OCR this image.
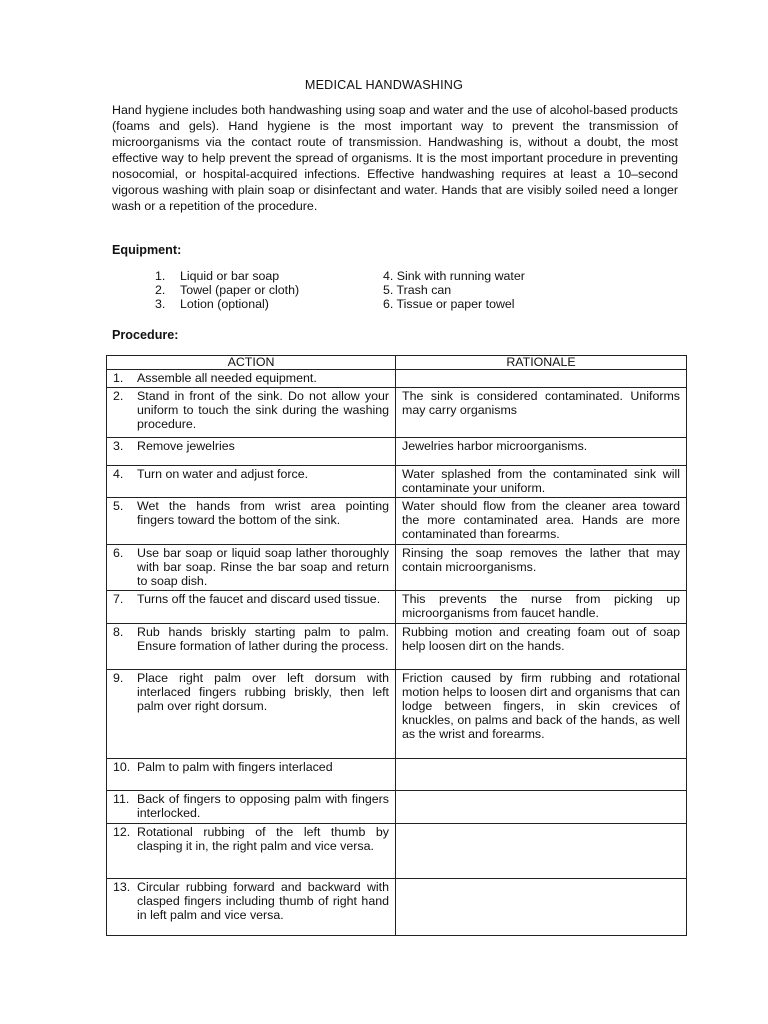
MEDICAL HANDWASHING

Hand hygiene includes both handwashing using soap and water and the use of alcohol-based products (foams and gels). Hand hygiene is the most important way to prevent the transmission of microorganisms via the contact route of transmission. Handwashing is, without a doubt, the most effective way to help prevent the spread of organisms. It is the most important procedure in preventing nosocomial, or hospital-acquired infections. Effective handwashing requires at least a 10–second vigorous washing with plain soap or disinfectant and water. Hands that are visibly soiled need a longer wash or a repetition of the procedure.

Equipment:
1. Liquid or bar soap	4. Sink with running water
2. Towel (paper or cloth)	5. Trash can
3. Lotion (optional)	6. Tissue or paper towel
Procedure:
ACTION	RATIONALE

1. Assemble all needed equipment.	

2. Stand in front of the sink. Do not allow your uniform to touch the sink during the washing procedure.	The sink is considered contaminated. Uniforms may carry organisms

3. Remove jewelries	Jewelries harbor microorganisms.

4. Turn on water and adjust force.	Water splashed from the contaminated sink will contaminate your uniform.

5. Wet the hands from wrist area pointing fingers toward the bottom of the sink.	Water should flow from the cleaner area toward the more contaminated area. Hands are more contaminated than forearms.

6. Use bar soap or liquid soap lather thoroughly with bar soap. Rinse the bar soap and return to soap dish.	Rinsing the soap removes the lather that may contain microorganisms.

7. Turns off the faucet and discard used tissue.	This prevents the nurse from picking up microorganisms from faucet handle.

8. Rub hands briskly starting palm to palm. Ensure formation of lather during the process.	Rubbing motion and creating foam out of soap help loosen dirt on the hands.

9. Place right palm over left dorsum with interlaced fingers rubbing briskly, then left palm over right dorsum.	Friction caused by firm rubbing and rotational motion helps to loosen dirt and organisms that can lodge between fingers, in skin crevices of knuckles, on palms and back of the hands, as well as the wrist and forearms.

10. Palm to palm with fingers interlaced	

11. Back of fingers to opposing palm with fingers interlocked.	

12. Rotational rubbing of the left thumb by clasping it in, the right palm and vice versa.	

13. Circular rubbing forward and backward with clasped fingers including thumb of right hand in left palm and vice versa.	
